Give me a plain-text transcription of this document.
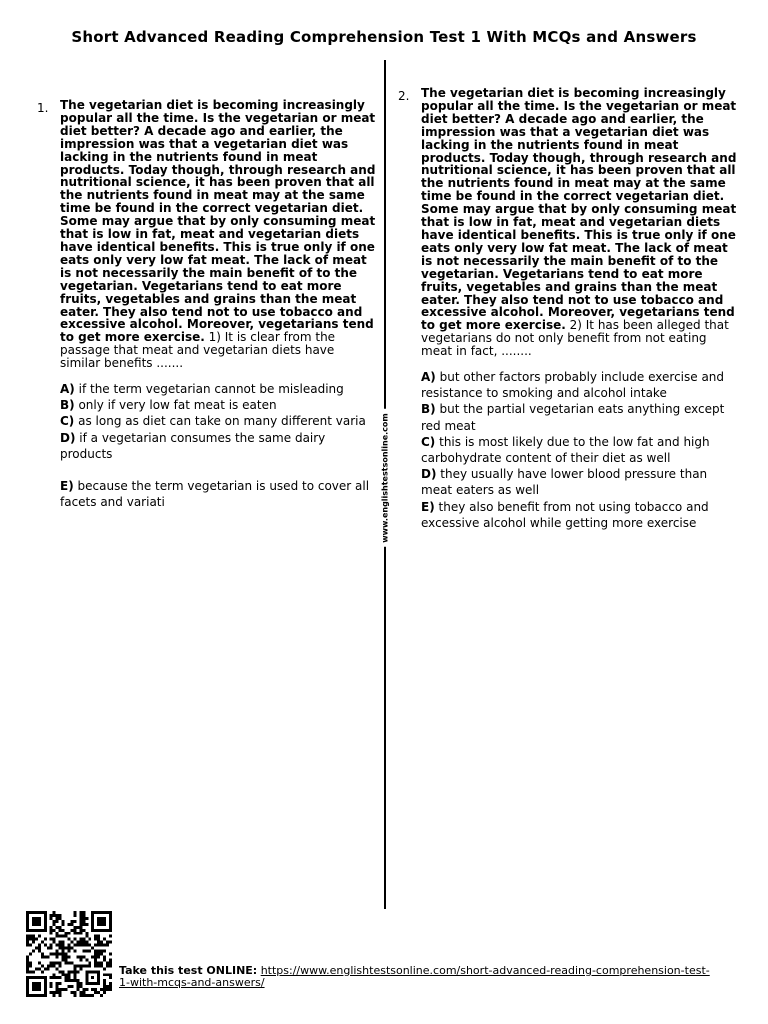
Short Advanced Reading Comprehension Test 1 With MCQs and Answers
www.englishtestsonline.com
1. The vegetarian diet is becoming increasingly popular all the time. Is the vegetarian or meat diet better? A decade ago and earlier, the impression was that a vegetarian diet was lacking in the nutrients found in meat products. Today though, through research and nutritional science, it has been proven that all the nutrients found in meat may at the same time be found in the correct vegetarian diet. Some may argue that by only consuming meat that is low in fat, meat and vegetarian diets have identical benefits. This is true only if one eats only very low fat meat. The lack of meat is not necessarily the main benefit of to the vegetarian. Vegetarians tend to eat more fruits, vegetables and grains than the meat eater. They also tend not to use tobacco and excessive alcohol. Moreover, vegetarians tend to get more exercise. 1) It is clear from the passage that meat and vegetarian diets have similar benefits .......
A) if the term vegetarian cannot be misleading
B) only if very low fat meat is eaten
C) as long as diet can take on many different varia
D) if a vegetarian consumes the same dairy products
E) because the term vegetarian is used to cover all facets and variati
2. The vegetarian diet is becoming increasingly popular all the time. Is the vegetarian or meat diet better? A decade ago and earlier, the impression was that a vegetarian diet was lacking in the nutrients found in meat products. Today though, through research and nutritional science, it has been proven that all the nutrients found in meat may at the same time be found in the correct vegetarian diet. Some may argue that by only consuming meat that is low in fat, meat and vegetarian diets have identical benefits. This is true only if one eats only very low fat meat. The lack of meat is not necessarily the main benefit of to the vegetarian. Vegetarians tend to eat more fruits, vegetables and grains than the meat eater. They also tend not to use tobacco and excessive alcohol. Moreover, vegetarians tend to get more exercise. 2) It has been alleged that vegetarians do not only benefit from not eating meat in fact, ........
A) but other factors probably include exercise and resistance to smoking and alcohol intake
B) but the partial vegetarian eats anything except red meat
C) this is most likely due to the low fat and high carbohydrate content of their diet as well
D) they usually have lower blood pressure than meat eaters as well
E) they also benefit from not using tobacco and excessive alcohol while getting more exercise
Take this test ONLINE: https://www.englishtestsonline.com/short-advanced-reading-comprehension-test-1-with-mcqs-and-answers/
